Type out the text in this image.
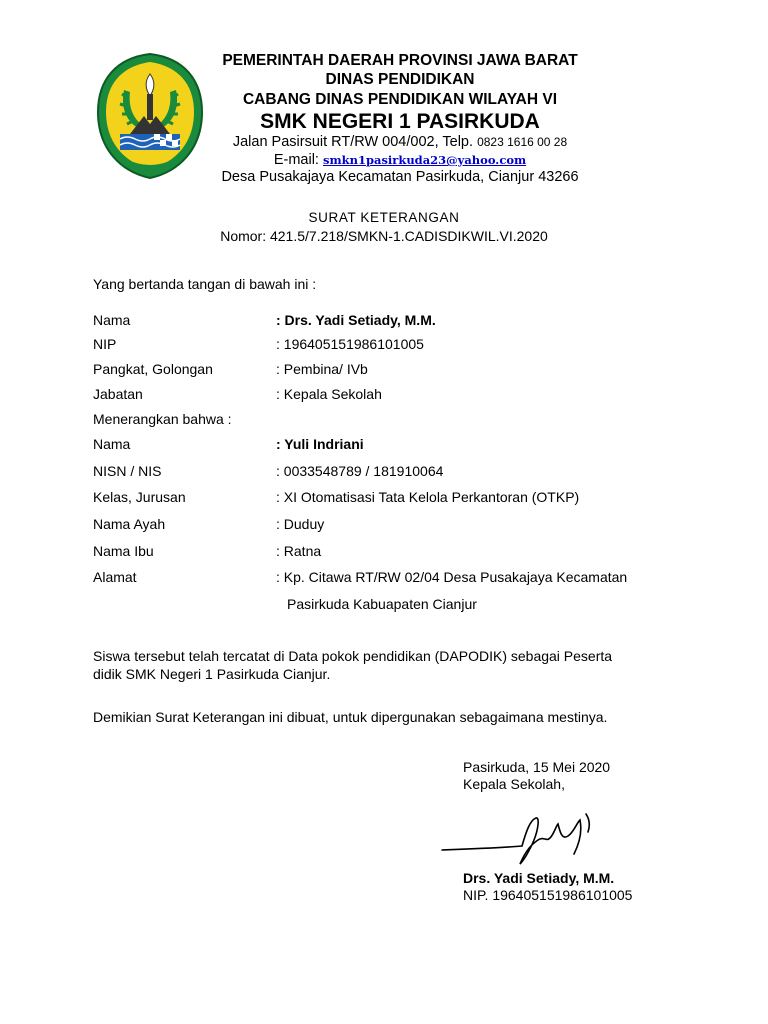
PEMERINTAH DAERAH PROVINSI JAWA BARAT
DINAS PENDIDIKAN
CABANG DINAS PENDIDIKAN WILAYAH VI
SMK NEGERI 1 PASIRKUDA
Jalan Pasirsuit RT/RW 004/002, Telp. 0823 1616 00 28
E-mail: smkn1pasirkuda23@yahoo.com
Desa Pusakajaya Kecamatan Pasirkuda, Cianjur 43266
SURAT KETERANGAN
Nomor: 421.5/7.218/SMKN-1.CADISDIKWIL.VI.2020
Yang bertanda tangan di bawah ini :
Nama	: Drs. Yadi Setiady, M.M.
NIP	: 196405151986101005
Pangkat, Golongan	: Pembina/ IVb
Jabatan	: Kepala Sekolah
Menerangkan bahwa :
Nama	: Yuli Indriani
NISN / NIS	: 0033548789 / 181910064
Kelas, Jurusan	: XI Otomatisasi Tata Kelola Perkantoran (OTKP)
Nama Ayah	: Duduy
Nama Ibu	: Ratna
Alamat	: Kp. Citawa RT/RW 02/04 Desa Pusakajaya Kecamatan
Pasirkuda Kabuapaten Cianjur
Siswa tersebut telah tercatat di Data pokok pendidikan (DAPODIK) sebagai Peserta
didik SMK Negeri 1 Pasirkuda Cianjur.
Demikian Surat Keterangan ini dibuat, untuk dipergunakan sebagaimana mestinya.
Pasirkuda, 15 Mei 2020
Kepala Sekolah,
Drs. Yadi Setiady, M.M.
NIP. 196405151986101005
